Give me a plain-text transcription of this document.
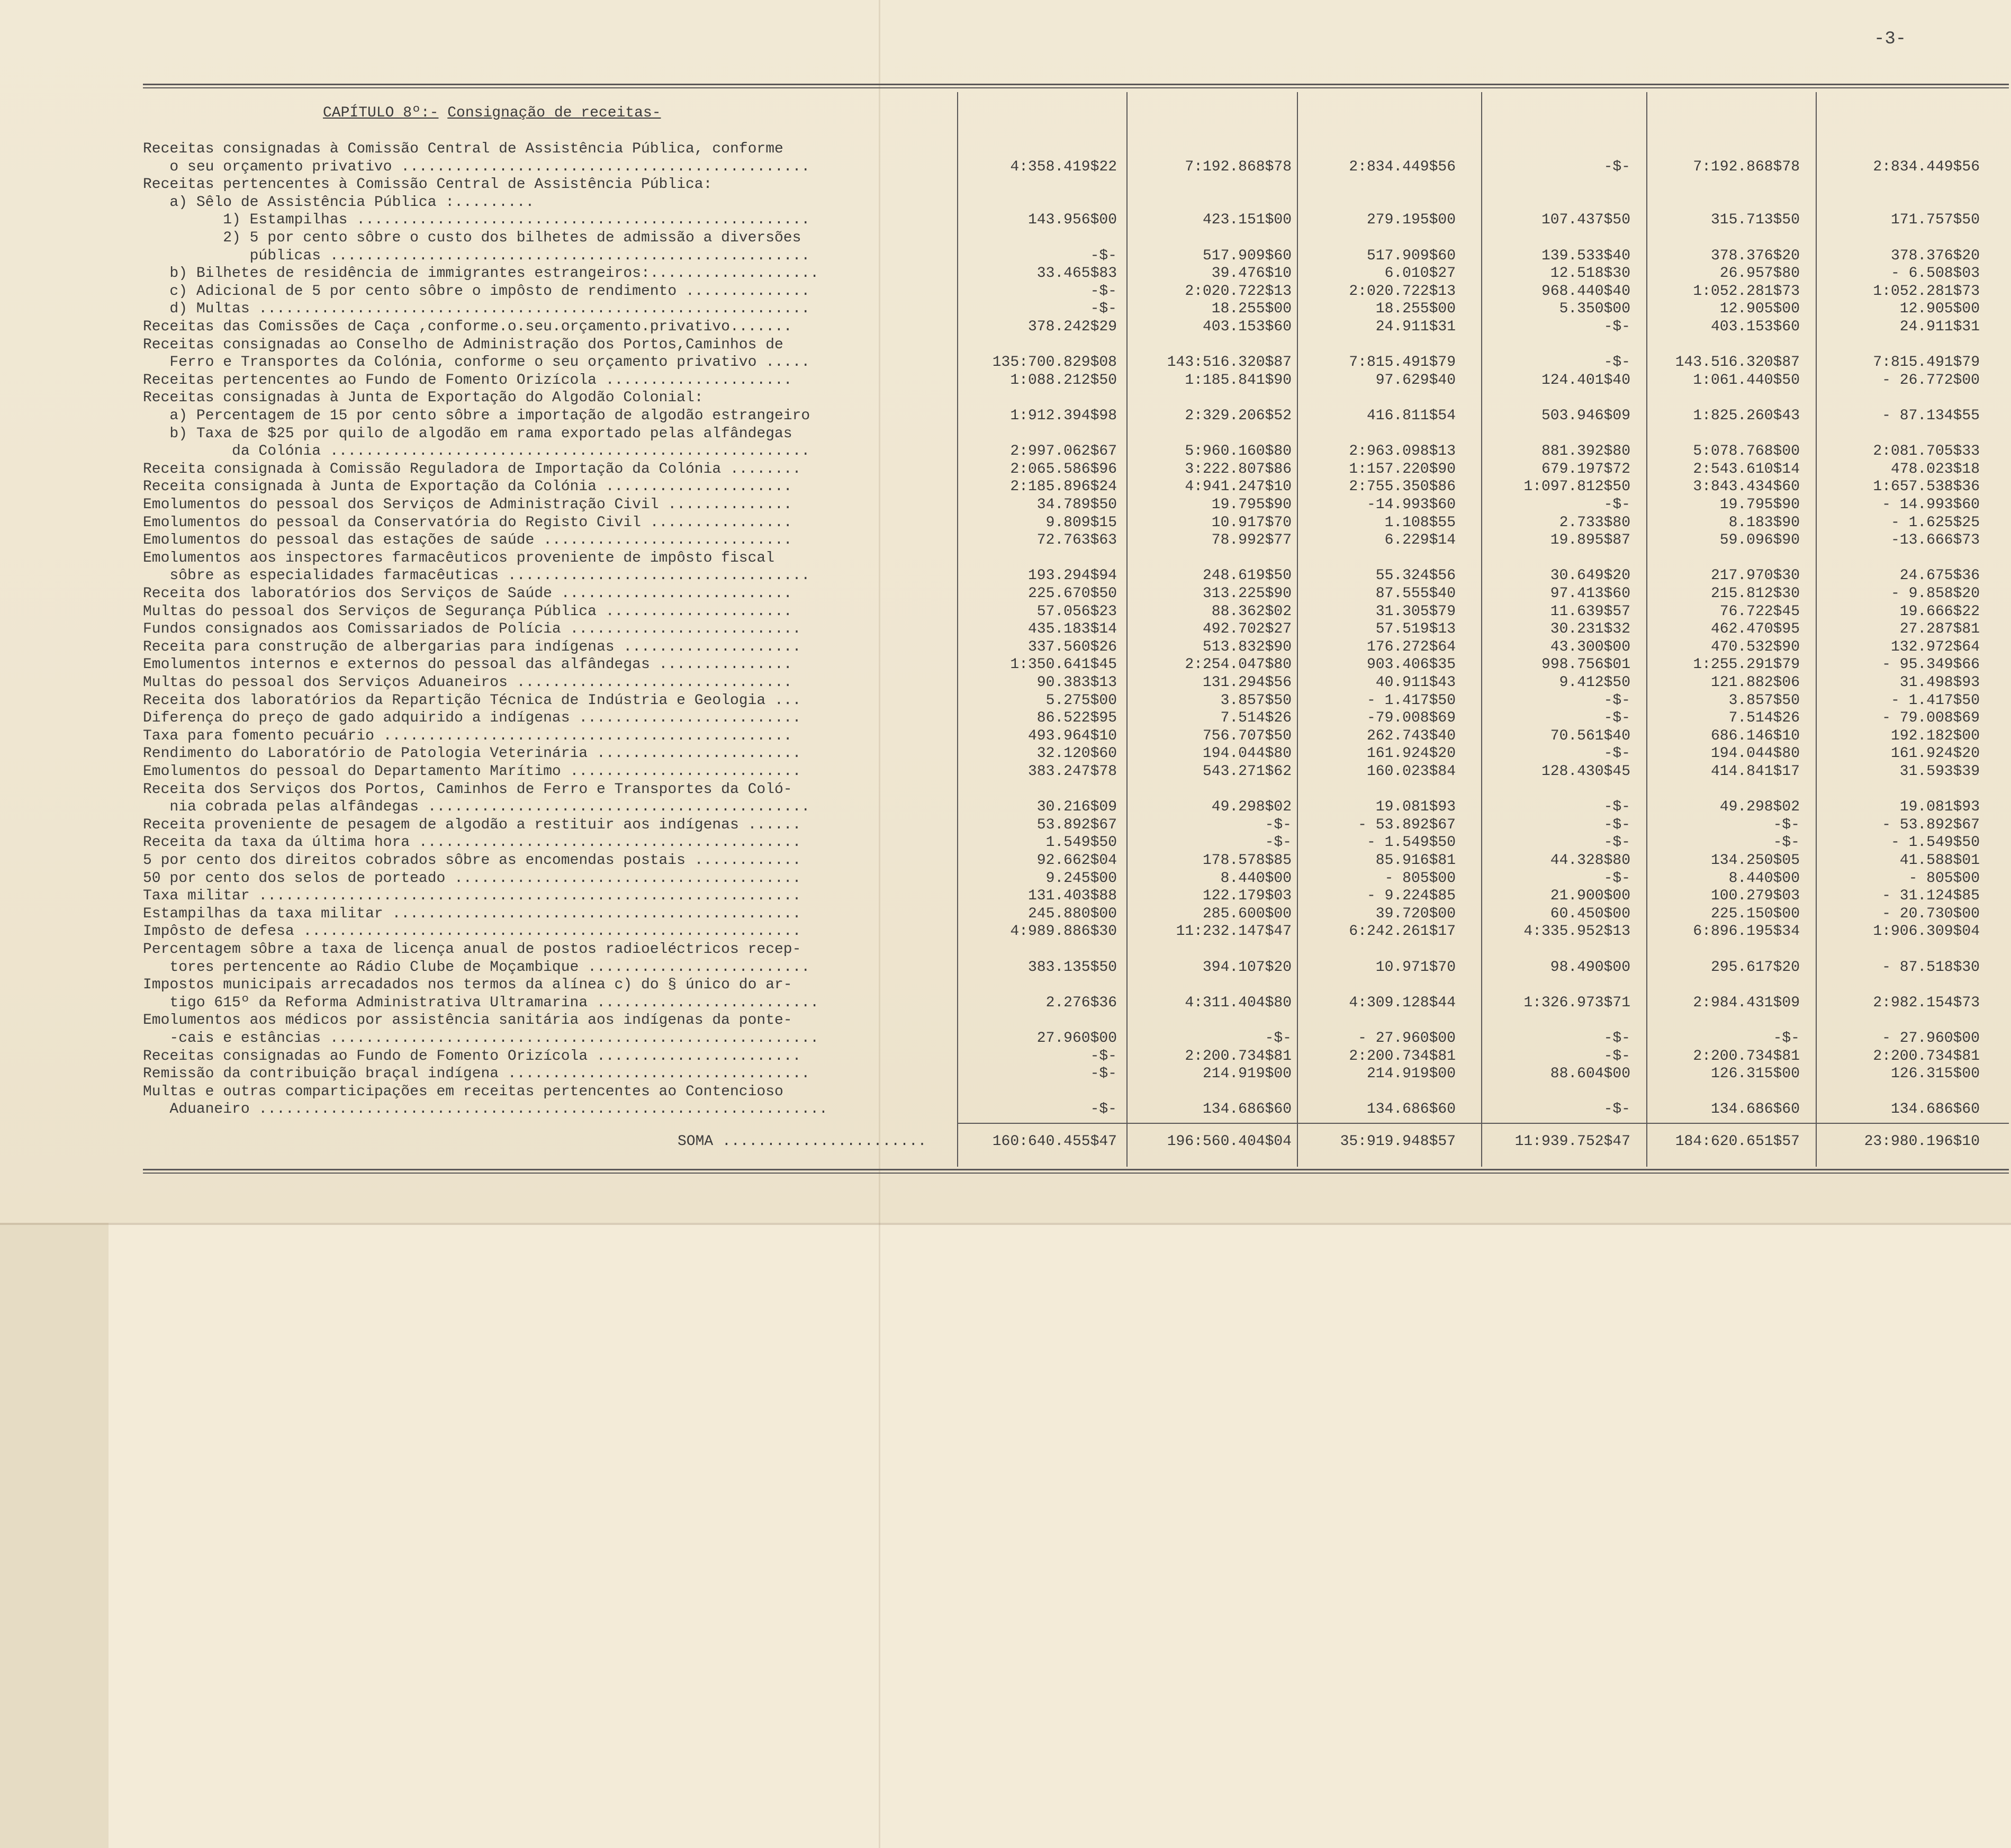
-3-
CAPÍTULO 8º:- Consignação de receitas-
Receitas consignadas à Comissão Central de Assistência Pública, conforme
o seu orçamento privativo ..............................................	4:358.419$22	7:192.868$78	2:834.449$56	-$-	7:192.868$78	2:834.449$56
Receitas pertencentes à Comissão Central de Assistência Pública:
a) Sêlo de Assistência Pública :.........
1) Estampilhas ...................................................	143.956$00	423.151$00	279.195$00	107.437$50	315.713$50	171.757$50
2) 5 por cento sôbre o custo dos bilhetes de admissão a diversões
públicas ......................................................	-$-	517.909$60	517.909$60	139.533$40	378.376$20	378.376$20
b) Bilhetes de residência de immigrantes estrangeiros:...................	33.465$83	39.476$10	6.010$27	12.518$30	26.957$80	- 6.508$03
c) Adicional de 5 por cento sôbre o impôsto de rendimento ..............	-$-	2:020.722$13	2:020.722$13	968.440$40	1:052.281$73	1:052.281$73
d) Multas ..............................................................	-$-	18.255$00	18.255$00	5.350$00	12.905$00	12.905$00
Receitas das Comissões de Caça ,conforme.o.seu.orçamento.privativo.......	378.242$29	403.153$60	24.911$31	-$-	403.153$60	24.911$31
Receitas consignadas ao Conselho de Administração dos Portos,Caminhos de
Ferro e Transportes da Colónia, conforme o seu orçamento privativo .....	135:700.829$08	143:516.320$87	7:815.491$79	-$-	143.516.320$87	7:815.491$79
Receitas pertencentes ao Fundo de Fomento Orizícola .....................	1:088.212$50	1:185.841$90	97.629$40	124.401$40	1:061.440$50	- 26.772$00
Receitas consignadas à Junta de Exportação do Algodão Colonial:
a) Percentagem de 15 por cento sôbre a importação de algodão estrangeiro	1:912.394$98	2:329.206$52	416.811$54	503.946$09	1:825.260$43	- 87.134$55
b) Taxa de $25 por quilo de algodão em rama exportado pelas alfândegas
da Colónia ......................................................	2:997.062$67	5:960.160$80	2:963.098$13	881.392$80	5:078.768$00	2:081.705$33
Receita consignada à Comissão Reguladora de Importação da Colónia ........	2:065.586$96	3:222.807$86	1:157.220$90	679.197$72	2:543.610$14	478.023$18
Receita consignada à Junta de Exportação da Colónia .....................	2:185.896$24	4:941.247$10	2:755.350$86	1:097.812$50	3:843.434$60	1:657.538$36
Emolumentos do pessoal dos Serviços de Administração Civil ..............	34.789$50	19.795$90	-14.993$60	-$-	19.795$90	- 14.993$60
Emolumentos do pessoal da Conservatória do Registo Civil ................	9.809$15	10.917$70	1.108$55	2.733$80	8.183$90	- 1.625$25
Emolumentos do pessoal das estações de saúde ............................	72.763$63	78.992$77	6.229$14	19.895$87	59.096$90	-13.666$73
Emolumentos aos inspectores farmacêuticos proveniente de impôsto fiscal
sôbre as especialidades farmacêuticas ..................................	193.294$94	248.619$50	55.324$56	30.649$20	217.970$30	24.675$36
Receita dos laboratórios dos Serviços de Saúde ..........................	225.670$50	313.225$90	87.555$40	97.413$60	215.812$30	- 9.858$20
Multas do pessoal dos Serviços de Segurança Pública .....................	57.056$23	88.362$02	31.305$79	11.639$57	76.722$45	19.666$22
Fundos consignados aos Comissariados de Polícia ..........................	435.183$14	492.702$27	57.519$13	30.231$32	462.470$95	27.287$81
Receita para construção de albergarias para indígenas ....................	337.560$26	513.832$90	176.272$64	43.300$00	470.532$90	132.972$64
Emolumentos internos e externos do pessoal das alfândegas ...............	1:350.641$45	2:254.047$80	903.406$35	998.756$01	1:255.291$79	- 95.349$66
Multas do pessoal dos Serviços Aduaneiros ...............................	90.383$13	131.294$56	40.911$43	9.412$50	121.882$06	31.498$93
Receita dos laboratórios da Repartição Técnica de Indústria e Geologia ...	5.275$00	3.857$50	- 1.417$50	-$-	3.857$50	- 1.417$50
Diferença do preço de gado adquirido a indígenas .........................	86.522$95	7.514$26	-79.008$69	-$-	7.514$26	- 79.008$69
Taxa para fomento pecuário ..............................................	493.964$10	756.707$50	262.743$40	70.561$40	686.146$10	192.182$00
Rendimento do Laboratório de Patologia Veterinária .......................	32.120$60	194.044$80	161.924$20	-$-	194.044$80	161.924$20
Emolumentos do pessoal do Departamento Marítimo ..........................	383.247$78	543.271$62	160.023$84	128.430$45	414.841$17	31.593$39
Receita dos Serviços dos Portos, Caminhos de Ferro e Transportes da Coló-
nia cobrada pelas alfândegas ...........................................	30.216$09	49.298$02	19.081$93	-$-	49.298$02	19.081$93
Receita proveniente de pesagem de algodão a restituir aos indígenas ......	53.892$67	-$-	- 53.892$67	-$-	-$-	- 53.892$67
Receita da taxa da última hora ...........................................	1.549$50	-$-	- 1.549$50	-$-	-$-	- 1.549$50
5 por cento dos direitos cobrados sôbre as encomendas postais ............	92.662$04	178.578$85	85.916$81	44.328$80	134.250$05	41.588$01
50 por cento dos selos de porteado .......................................	9.245$00	8.440$00	- 805$00	-$-	8.440$00	- 805$00
Taxa militar .............................................................	131.403$88	122.179$03	- 9.224$85	21.900$00	100.279$03	- 31.124$85
Estampilhas da taxa militar ..............................................	245.880$00	285.600$00	39.720$00	60.450$00	225.150$00	- 20.730$00
Impôsto de defesa ........................................................	4:989.886$30	11:232.147$47	6:242.261$17	4:335.952$13	6:896.195$34	1:906.309$04
Percentagem sôbre a taxa de licença anual de postos radioeléctricos recep-
tores pertencente ao Rádio Clube de Moçambique .........................	383.135$50	394.107$20	10.971$70	98.490$00	295.617$20	- 87.518$30
Impostos municipais arrecadados nos termos da alínea c) do § único do ar-
tigo 615º da Reforma Administrativa Ultramarina .........................	2.276$36	4:311.404$80	4:309.128$44	1:326.973$71	2:984.431$09	2:982.154$73
Emolumentos aos médicos por assistência sanitária aos indígenas da ponte-
-cais e estâncias .......................................................	27.960$00	-$-	- 27.960$00	-$-	-$-	- 27.960$00
Receitas consignadas ao Fundo de Fomento Orizícola .......................	-$-	2:200.734$81	2:200.734$81	-$-	2:200.734$81	2:200.734$81
Remissão da contribuição braçal indígena ..................................	-$-	214.919$00	214.919$00	88.604$00	126.315$00	126.315$00
Multas e outras comparticipações em receitas pertencentes ao Contencioso
Aduaneiro ................................................................	-$-	134.686$60	134.686$60	-$-	134.686$60	134.686$60
SOMA .......................	160:640.455$47	196:560.404$04	35:919.948$57	11:939.752$47	184:620.651$57	23:980.196$10
